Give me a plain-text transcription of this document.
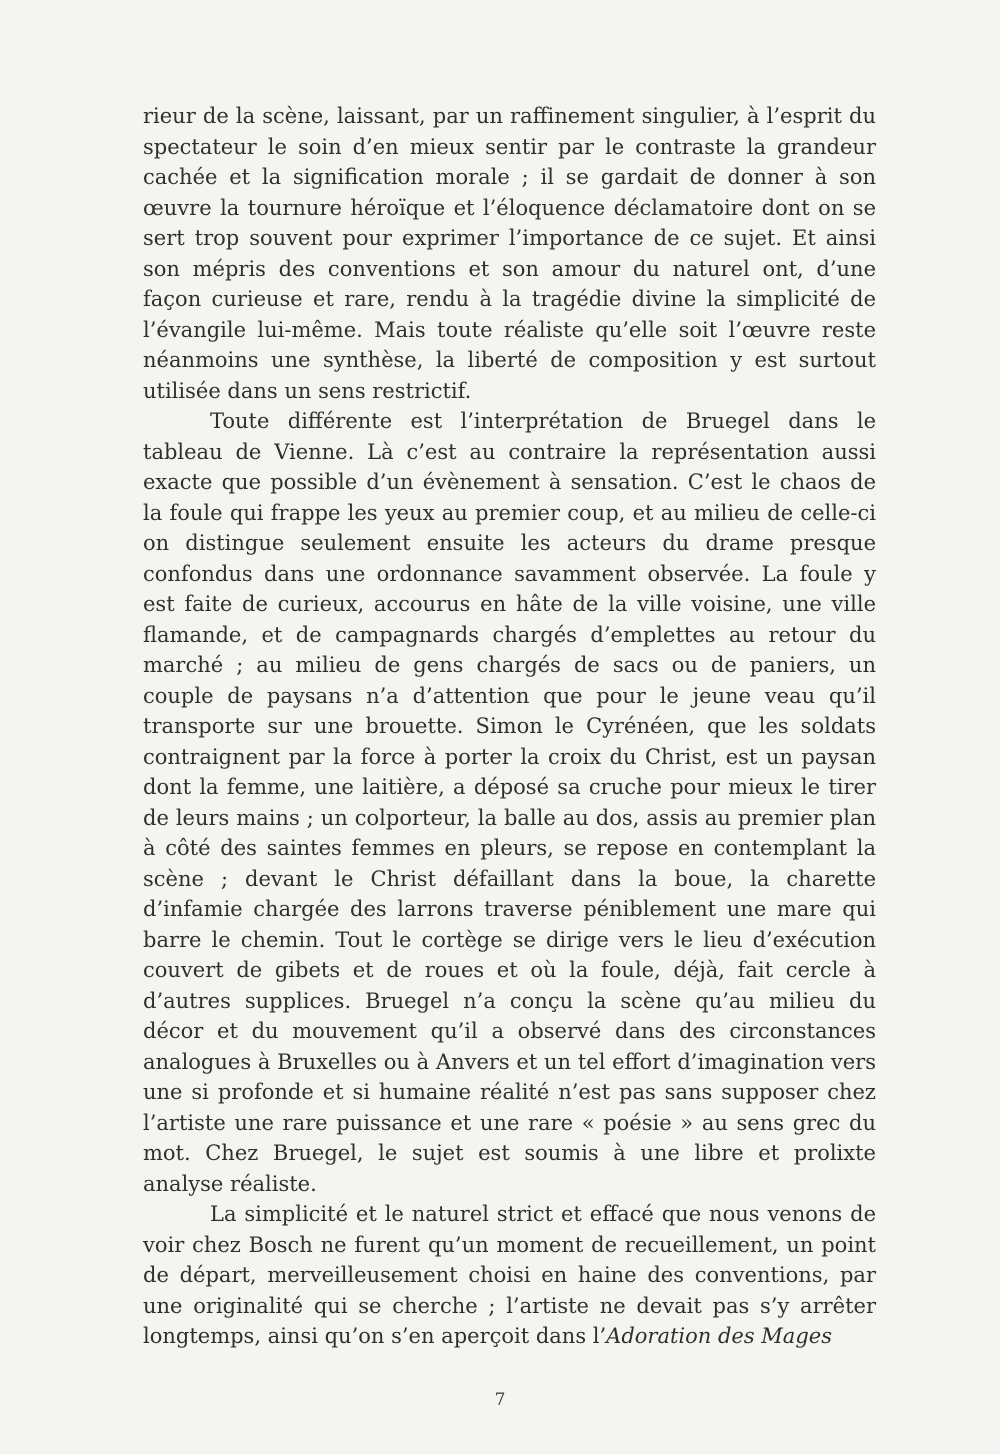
rieur de la scène, laissant, par un raffinement singulier, à l’esprit du spectateur le soin d’en mieux sentir par le contraste la grandeur cachée et la signification morale ; il se gardait de donner à son œuvre la tournure héroïque et l’éloquence déclamatoire dont on se sert trop souvent pour exprimer l’importance de ce sujet. Et ainsi son mépris des conventions et son amour du naturel ont, d’une façon curieuse et rare, rendu à la tragédie divine la simplicité de l’évangile lui-même. Mais toute réaliste qu’elle soit l’œuvre reste néanmoins une synthèse, la liberté de composition y est surtout utilisée dans un sens restrictif.

Toute différente est l’interprétation de Bruegel dans le tableau de Vienne. Là c’est au contraire la représentation aussi exacte que possible d’un évènement à sensation. C’est le chaos de la foule qui frappe les yeux au premier coup, et au milieu de celle-ci on distingue seulement ensuite les acteurs du drame presque confondus dans une ordonnance savamment observée. La foule y est faite de curieux, accourus en hâte de la ville voisine, une ville flamande, et de campagnards chargés d’emplettes au retour du marché ; au milieu de gens chargés de sacs ou de paniers, un couple de paysans n’a d’attention que pour le jeune veau qu’il transporte sur une brouette. Simon le Cyrénéen, que les soldats contraignent par la force à porter la croix du Christ, est un paysan dont la femme, une laitière, a déposé sa cruche pour mieux le tirer de leurs mains ; un colporteur, la balle au dos, assis au premier plan à côté des saintes femmes en pleurs, se repose en contemplant la scène ; devant le Christ défaillant dans la boue, la charette d’infamie chargée des larrons traverse péniblement une mare qui barre le chemin. Tout le cortège se dirige vers le lieu d’exécution couvert de gibets et de roues et où la foule, déjà, fait cercle à d’autres supplices. Bruegel n’a conçu la scène qu’au milieu du décor et du mouvement qu’il a observé dans des circonstances analogues à Bruxelles ou à Anvers et un tel effort d’imagination vers une si profonde et si humaine réalité n’est pas sans supposer chez l’artiste une rare puissance et une rare « poésie » au sens grec du mot. Chez Bruegel, le sujet est soumis à une libre et prolixte analyse réaliste.

La simplicité et le naturel strict et effacé que nous venons de voir chez Bosch ne furent qu’un moment de recueillement, un point de départ, merveilleusement choisi en haine des conventions, par une originalité qui se cherche ; l’artiste ne devait pas s’y arrêter longtemps, ainsi qu’on s’en aperçoit dans l’Adoration des Mages

7
